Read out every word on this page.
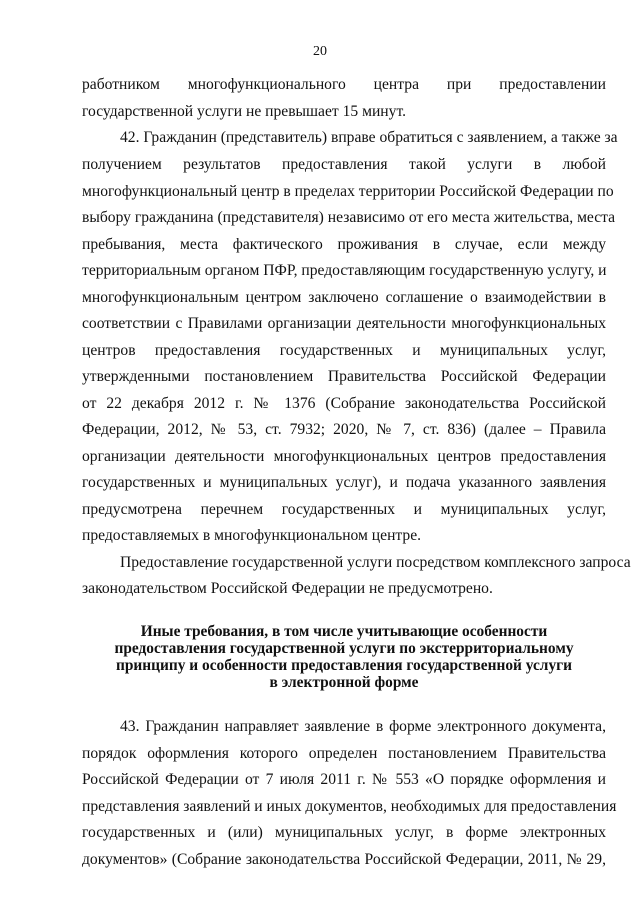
20
работником многофункционального центра при предоставлении
государственной услуги не превышает 15 минут.
42. Гражданин (представитель) вправе обратиться с заявлением, а также за
получением результатов предоставления такой услуги в любой
многофункциональный центр в пределах территории Российской Федерации по
выбору гражданина (представителя) независимо от его места жительства, места
пребывания, места фактического проживания в случае, если между
территориальным органом ПФР, предоставляющим государственную услугу, и
многофункциональным центром заключено соглашение о взаимодействии в
соответствии с Правилами организации деятельности многофункциональных
центров предоставления государственных и муниципальных услуг,
утвержденными постановлением Правительства Российской Федерации
от 22 декабря 2012 г. № 1376 (Собрание законодательства Российской
Федерации, 2012, № 53, ст. 7932; 2020, № 7, ст. 836) (далее – Правила
организации деятельности многофункциональных центров предоставления
государственных и муниципальных услуг), и подача указанного заявления
предусмотрена перечнем государственных и муниципальных услуг,
предоставляемых в многофункциональном центре.
Предоставление государственной услуги посредством комплексного запроса
законодательством Российской Федерации не предусмотрено.
Иные требования, в том числе учитывающие особенности
предоставления государственной услуги по экстерриториальному
принципу и особенности предоставления государственной услуги
в электронной форме
43. Гражданин направляет заявление в форме электронного документа,
порядок оформления которого определен постановлением Правительства
Российской Федерации от 7 июля 2011 г. № 553 «О порядке оформления и
представления заявлений и иных документов, необходимых для предоставления
государственных и (или) муниципальных услуг, в форме электронных
документов» (Собрание законодательства Российской Федерации, 2011, № 29,
